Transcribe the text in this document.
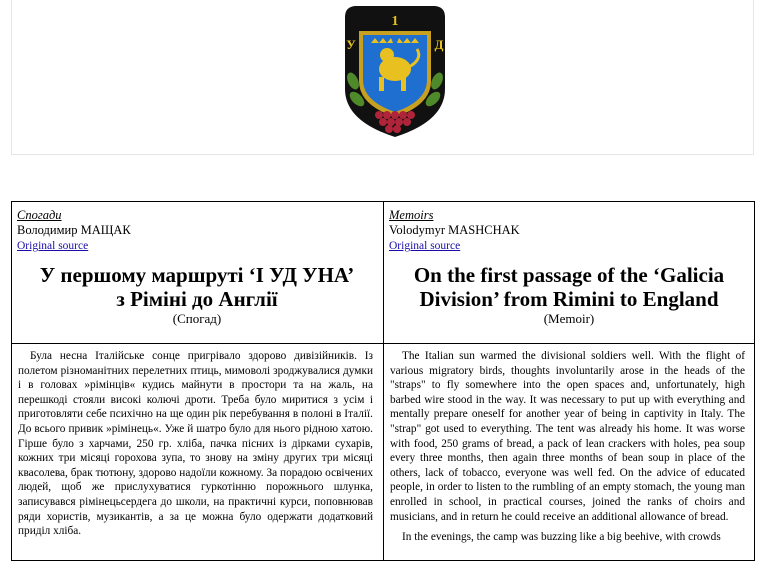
1
У	Д
Спогади
Володимир МАЩАК
Original source
Memoirs
Volodymyr MASHCHAK
Original source
У першому маршруті ‘І УД УНА’
з Ріміні до Англії
On the first passage of the ‘Galicia
Division’ from Rimini to England
(Спогад)	(Memoir)

Була несна Італійське сонце пригрівало здорово дивізійників. Із полетом різноманітних перелетних птиць, мимоволі зроджувалися думки і в головах »рімінців« кудись майнути в простори та на жаль, на перешкоді стояли високі колючі дроти. Треба було миритися з усім і приготовляти себе психічно на ще один рік перебування в полоні в Італії. До всього привик »рімінець«. Уже й шатро було для нього рідною хатою. Гірше було з харчами, 250 гр. хліба, пачка пісних із дірками сухарів, кожних три місяці горохова зупа, то знову на зміну других три місяці квасолева, брак тютюну, здорово надоїли кожному. За порадою освічених людей, щоб же прислухуватися гуркотінню порожнього шлунка, записувався рімінецьсердега до школи, на практичні курси, поповнював ряди хористів, музикантів, а за це можна було одержати додатковий приділ хліба.

The Italian sun warmed the divisional soldiers well. With the flight of various migratory birds, thoughts involuntarily arose in the heads of the "straps" to fly somewhere into the open spaces and, unfortunately, high barbed wire stood in the way. It was necessary to put up with everything and mentally prepare oneself for another year of being in captivity in Italy. The "strap" got used to everything. The tent was already his home. It was worse with food, 250 grams of bread, a pack of lean crackers with holes, pea soup every three months, then again three months of bean soup in place of the others, lack of tobacco, everyone was well fed. On the advice of educated people, in order to listen to the rumbling of an empty stomach, the young man enrolled in school, in practical courses, joined the ranks of choirs and musicians, and in return he could receive an additional allowance of bread.

In the evenings, the camp was buzzing like a big beehive, with crowds
